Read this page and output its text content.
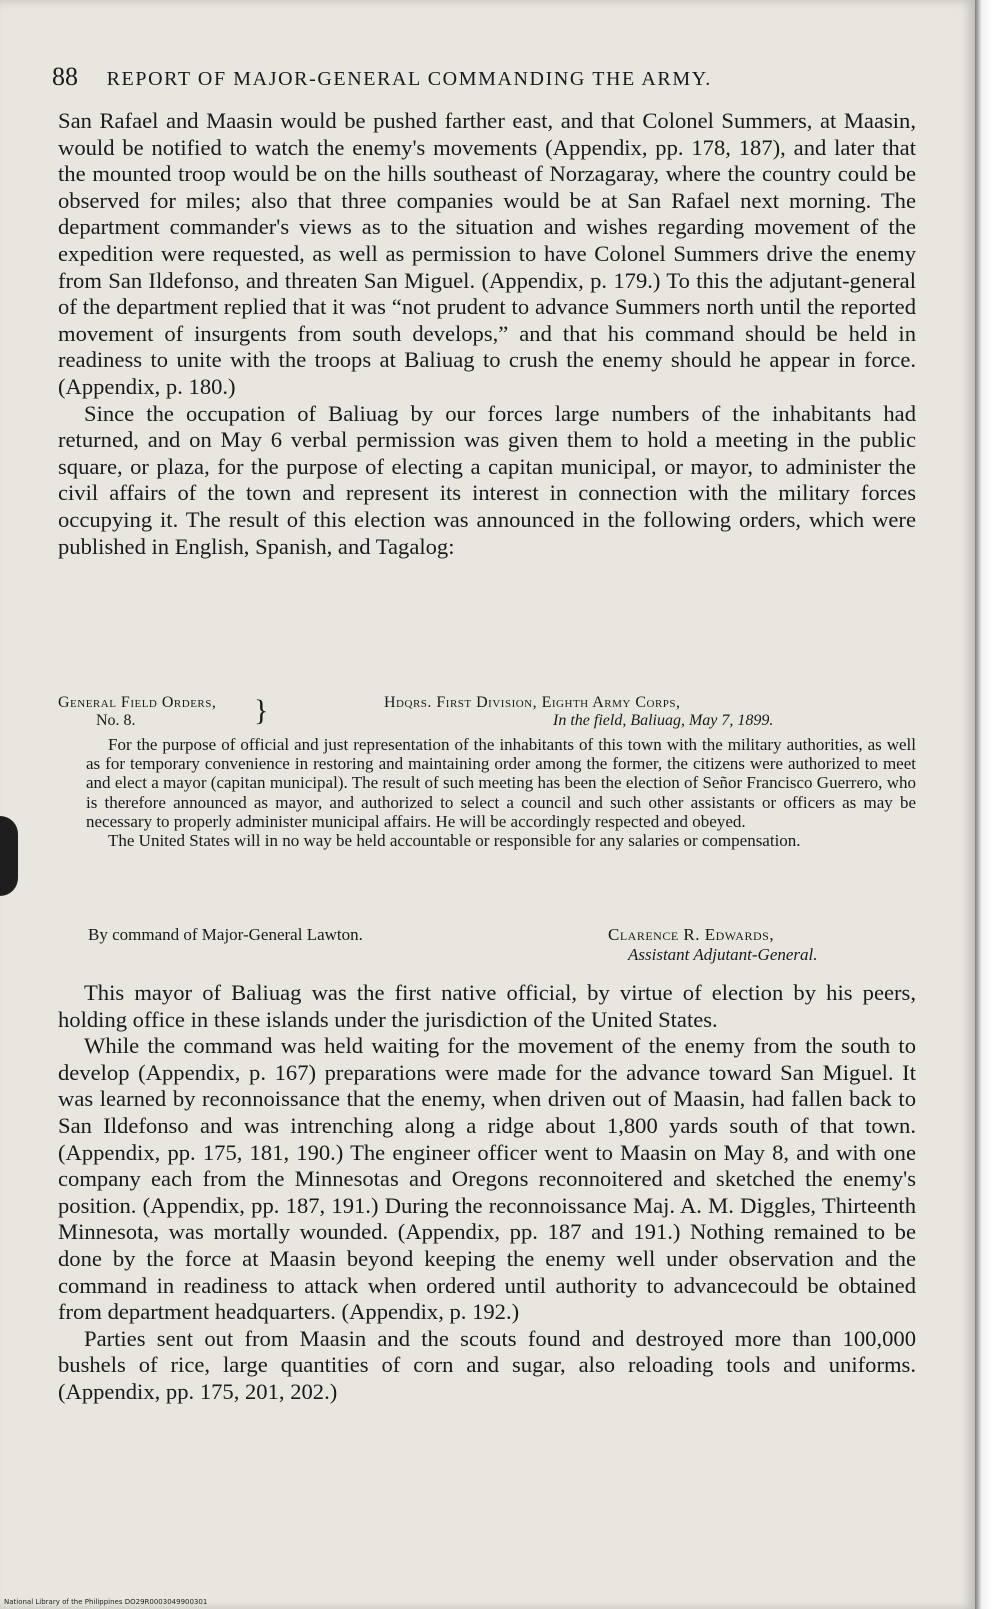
88 REPORT OF MAJOR-GENERAL COMMANDING THE ARMY.

San Rafael and Maasin would be pushed farther east, and that Colonel Summers, at Maasin, would be notified to watch the enemy's movements (Appendix, pp. 178, 187), and later that the mounted troop would be on the hills southeast of Norzagaray, where the country could be observed for miles; also that three companies would be at San Rafael next morning. The department commander's views as to the situation and wishes regarding movement of the expedition were requested, as well as permission to have Colonel Summers drive the enemy from San Ildefonso, and threaten San Miguel. (Appendix, p. 179.) To this the adjutant-general of the department replied that it was “not prudent to advance Summers north until the reported movement of insurgents from south develops,” and that his command should be held in readiness to unite with the troops at Baliuag to crush the enemy should he appear in force. (Appendix, p. 180.)

Since the occupation of Baliuag by our forces large numbers of the inhabitants had returned, and on May 6 verbal permission was given them to hold a meeting in the public square, or plaza, for the purpose of electing a capitan municipal, or mayor, to administer the civil affairs of the town and represent its interest in connection with the military forces occupying it. The result of this election was announced in the following orders, which were published in English, Spanish, and Tagalog:

General Field Orders,
No. 8.	}	Hdqrs. First Division, Eighth Army Corps,
In the field, Baliuag, May 7, 1899.

For the purpose of official and just representation of the inhabitants of this town with the military authorities, as well as for temporary convenience in restoring and maintaining order among the former, the citizens were authorized to meet and elect a mayor (capitan municipal). The result of such meeting has been the election of Señor Francisco Guerrero, who is therefore announced as mayor, and authorized to select a council and such other assistants or officers as may be necessary to properly administer municipal affairs. He will be accordingly respected and obeyed.

The United States will in no way be held accountable or responsible for any salaries or compensation.

By command of Major-General Lawton.	Clarence R. Edwards,
Assistant Adjutant-General.

This mayor of Baliuag was the first native official, by virtue of election by his peers, holding office in these islands under the jurisdiction of the United States.

While the command was held waiting for the movement of the enemy from the south to develop (Appendix, p. 167) preparations were made for the advance toward San Miguel. It was learned by reconnoissance that the enemy, when driven out of Maasin, had fallen back to San Ildefonso and was intrenching along a ridge about 1,800 yards south of that town. (Appendix, pp. 175, 181, 190.) The engineer officer went to Maasin on May 8, and with one company each from the Minnesotas and Oregons reconnoitered and sketched the enemy's position. (Appendix, pp. 187, 191.) During the reconnoissance Maj. A. M. Diggles, Thirteenth Minnesota, was mortally wounded. (Appendix, pp. 187 and 191.) Nothing remained to be done by the force at Maasin beyond keeping the enemy well under observation and the command in readiness to attack when ordered until authority to advancecould be obtained from department headquarters. (Appendix, p. 192.)

Parties sent out from Maasin and the scouts found and destroyed more than 100,000 bushels of rice, large quantities of corn and sugar, also reloading tools and uniforms. (Appendix, pp. 175, 201, 202.)

National Library of the Philippines DO29R0003049900301
